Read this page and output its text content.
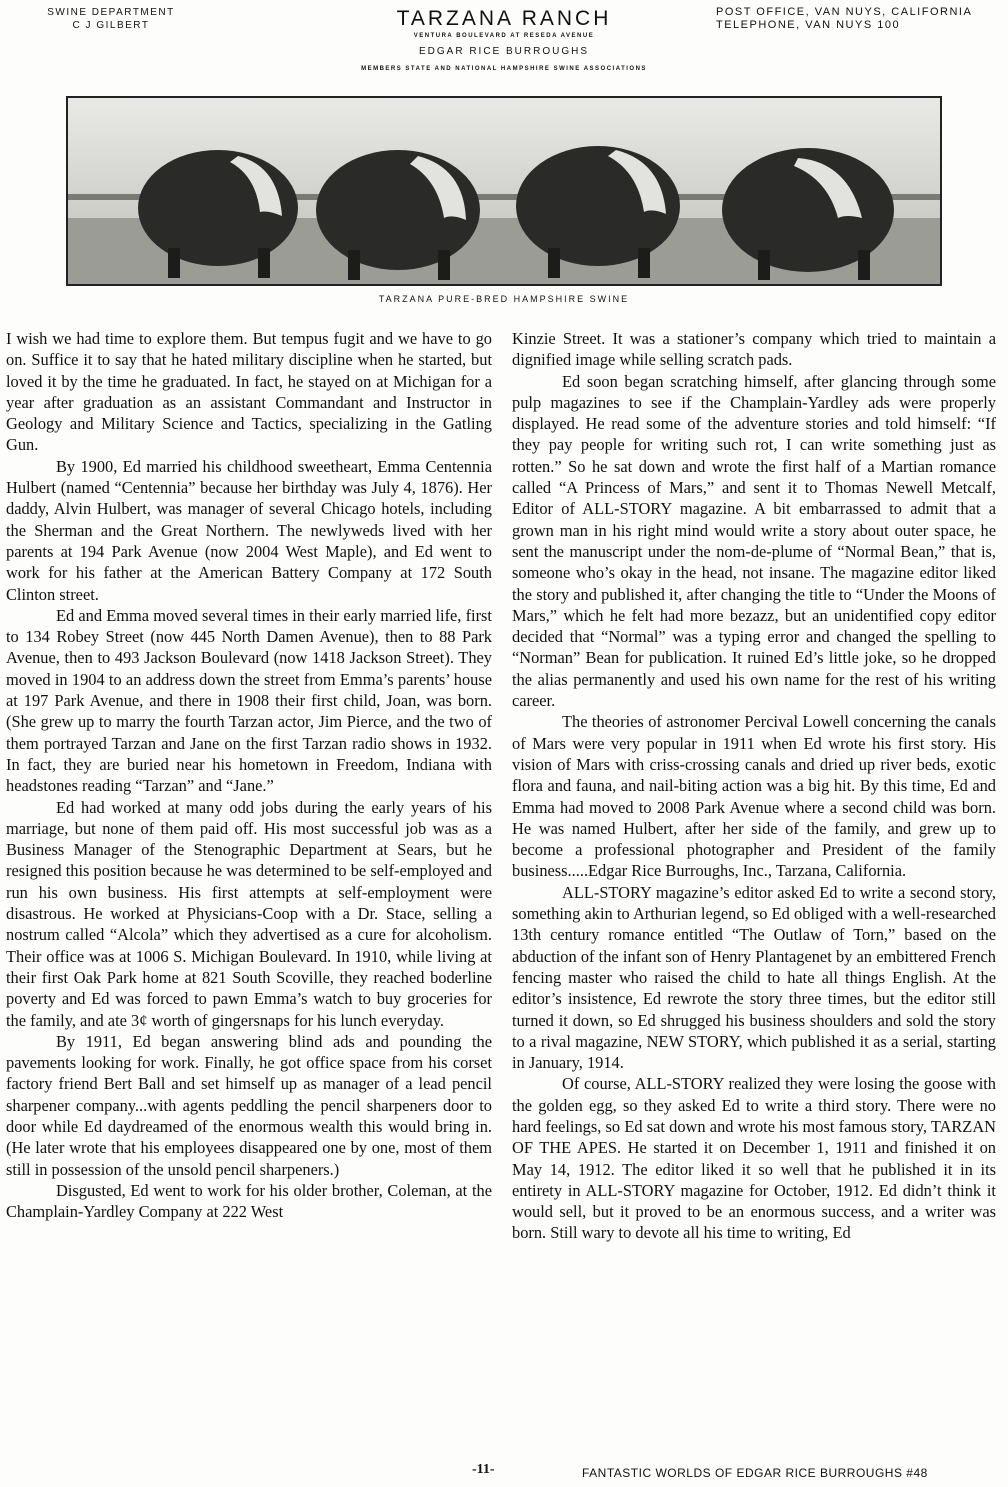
SWINE DEPARTMENT
C J GILBERT	TARZANA RANCH
VENTURA BOULEVARD AT RESEDA AVENUE
EDGAR RICE BURROUGHS
MEMBERS STATE AND NATIONAL HAMPSHIRE SWINE ASSOCIATIONS
POST OFFICE, VAN NUYS, CALIFORNIA
TELEPHONE, VAN NUYS 100
TARZANA PURE-BRED HAMPSHIRE SWINE

I wish we had time to explore them. But tempus fugit and we have to go on. Suffice it to say that he hated military discipline when he started, but loved it by the time he graduated. In fact, he stayed on at Michigan for a year after graduation as an assistant Commandant and Instructor in Geology and Military Science and Tactics, specializing in the Gatling Gun.

By 1900, Ed married his childhood sweetheart, Emma Centennia Hulbert (named “Centennia” because her birthday was July 4, 1876). Her daddy, Alvin Hulbert, was manager of several Chicago hotels, including the Sherman and the Great Northern. The newlyweds lived with her parents at 194 Park Avenue (now 2004 West Maple), and Ed went to work for his father at the American Battery Company at 172 South Clinton street.

Ed and Emma moved several times in their early married life, first to 134 Robey Street (now 445 North Damen Avenue), then to 88 Park Avenue, then to 493 Jackson Boulevard (now 1418 Jackson Street). They moved in 1904 to an address down the street from Emma’s parents’ house at 197 Park Avenue, and there in 1908 their first child, Joan, was born. (She grew up to marry the fourth Tarzan actor, Jim Pierce, and the two of them portrayed Tarzan and Jane on the first Tarzan radio shows in 1932. In fact, they are buried near his hometown in Freedom, Indiana with headstones reading “Tarzan” and “Jane.”

Ed had worked at many odd jobs during the early years of his marriage, but none of them paid off. His most successful job was as a Business Manager of the Stenographic Department at Sears, but he resigned this position because he was determined to be self-employed and run his own business. His first attempts at self-employment were disastrous. He worked at Physicians-Coop with a Dr. Stace, selling a nostrum called “Alcola” which they advertised as a cure for alcoholism. Their office was at 1006 S. Michigan Boulevard. In 1910, while living at their first Oak Park home at 821 South Scoville, they reached boderline poverty and Ed was forced to pawn Emma’s watch to buy groceries for the family, and ate 3¢ worth of gingersnaps for his lunch everyday.

By 1911, Ed began answering blind ads and pounding the pavements looking for work. Finally, he got office space from his corset factory friend Bert Ball and set himself up as manager of a lead pencil sharpener company...with agents peddling the pencil sharpeners door to door while Ed daydreamed of the enormous wealth this would bring in. (He later wrote that his employees disappeared one by one, most of them still in possession of the unsold pencil sharpeners.)

Disgusted, Ed went to work for his older brother, Coleman, at the Champlain-Yardley Company at 222 West

Kinzie Street. It was a stationer’s company which tried to maintain a dignified image while selling scratch pads.

Ed soon began scratching himself, after glancing through some pulp magazines to see if the Champlain-Yardley ads were properly displayed. He read some of the adventure stories and told himself: “If they pay people for writing such rot, I can write something just as rotten.” So he sat down and wrote the first half of a Martian romance called “A Princess of Mars,” and sent it to Thomas Newell Metcalf, Editor of ALL-STORY magazine. A bit embarrassed to admit that a grown man in his right mind would write a story about outer space, he sent the manuscript under the nom-de-plume of “Normal Bean,” that is, someone who’s okay in the head, not insane. The magazine editor liked the story and published it, after changing the title to “Under the Moons of Mars,” which he felt had more bezazz, but an unidentified copy editor decided that “Normal” was a typing error and changed the spelling to “Norman” Bean for publication. It ruined Ed’s little joke, so he dropped the alias permanently and used his own name for the rest of his writing career.

The theories of astronomer Percival Lowell concerning the canals of Mars were very popular in 1911 when Ed wrote his first story. His vision of Mars with criss-crossing canals and dried up river beds, exotic flora and fauna, and nail-biting action was a big hit. By this time, Ed and Emma had moved to 2008 Park Avenue where a second child was born. He was named Hulbert, after her side of the family, and grew up to become a professional photographer and President of the family business.....Edgar Rice Burroughs, Inc., Tarzana, California.

ALL-STORY magazine’s editor asked Ed to write a second story, something akin to Arthurian legend, so Ed obliged with a well-researched 13th century romance entitled “The Outlaw of Torn,” based on the abduction of the infant son of Henry Plantagenet by an embittered French fencing master who raised the child to hate all things English. At the editor’s insistence, Ed rewrote the story three times, but the editor still turned it down, so Ed shrugged his business shoulders and sold the story to a rival magazine, NEW STORY, which published it as a serial, starting in January, 1914.

Of course, ALL-STORY realized they were losing the goose with the golden egg, so they asked Ed to write a third story. There were no hard feelings, so Ed sat down and wrote his most famous story, TARZAN OF THE APES. He started it on December 1, 1911 and finished it on May 14, 1912. The editor liked it so well that he published it in its entirety in ALL-STORY magazine for October, 1912. Ed didn’t think it would sell, but it proved to be an enormous success, and a writer was born. Still wary to devote all his time to writing, Ed

-11-	FANTASTIC WORLDS OF EDGAR RICE BURROUGHS #48
